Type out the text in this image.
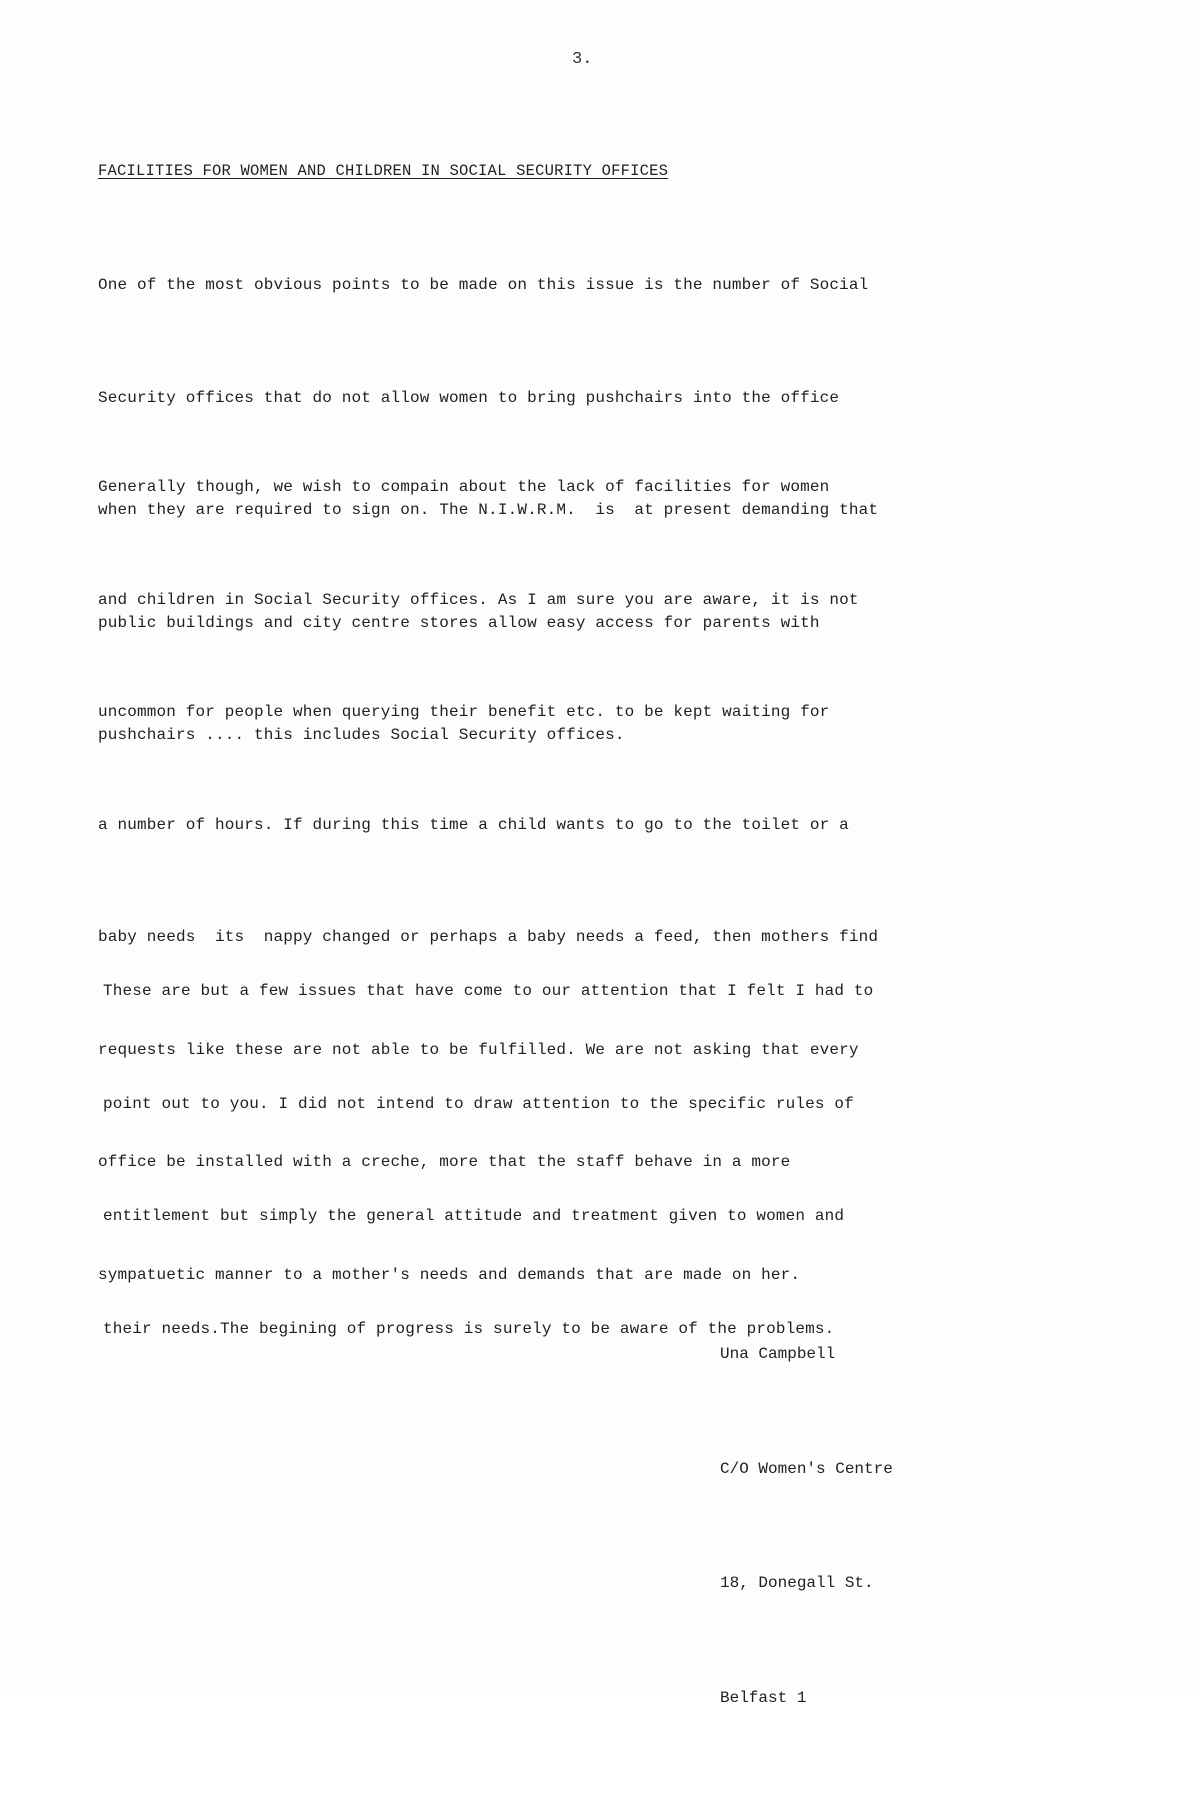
3.
FACILITIES FOR WOMEN AND CHILDREN IN SOCIAL SECURITY OFFICES

One of the most obvious points to be made on this issue is the number of Social

Security offices that do not allow women to bring pushchairs into the office

when they are required to sign on. The N.I.W.R.M.  is  at present demanding that

public buildings and city centre stores allow easy access for parents with

pushchairs .... this includes Social Security offices.

Generally though, we wish to compain about the lack of facilities for women

and children in Social Security offices. As I am sure you are aware, it is not

uncommon for people when querying their benefit etc. to be kept waiting for

a number of hours. If during this time a child wants to go to the toilet or a

baby needs  its  nappy changed or perhaps a baby needs a feed, then mothers find

requests like these are not able to be fulfilled. We are not asking that every

office be installed with a creche, more that the staff behave in a more

sympatuetic manner to a mother's needs and demands that are made on her.

These are but a few issues that have come to our attention that I felt I had to

point out to you. I did not intend to draw attention to the specific rules of

entitlement but simply the general attitude and treatment given to women and

their needs.The begining of progress is surely to be aware of the problems.

Una Campbell

C/O Women's Centre

18, Donegall St.

Belfast 1
